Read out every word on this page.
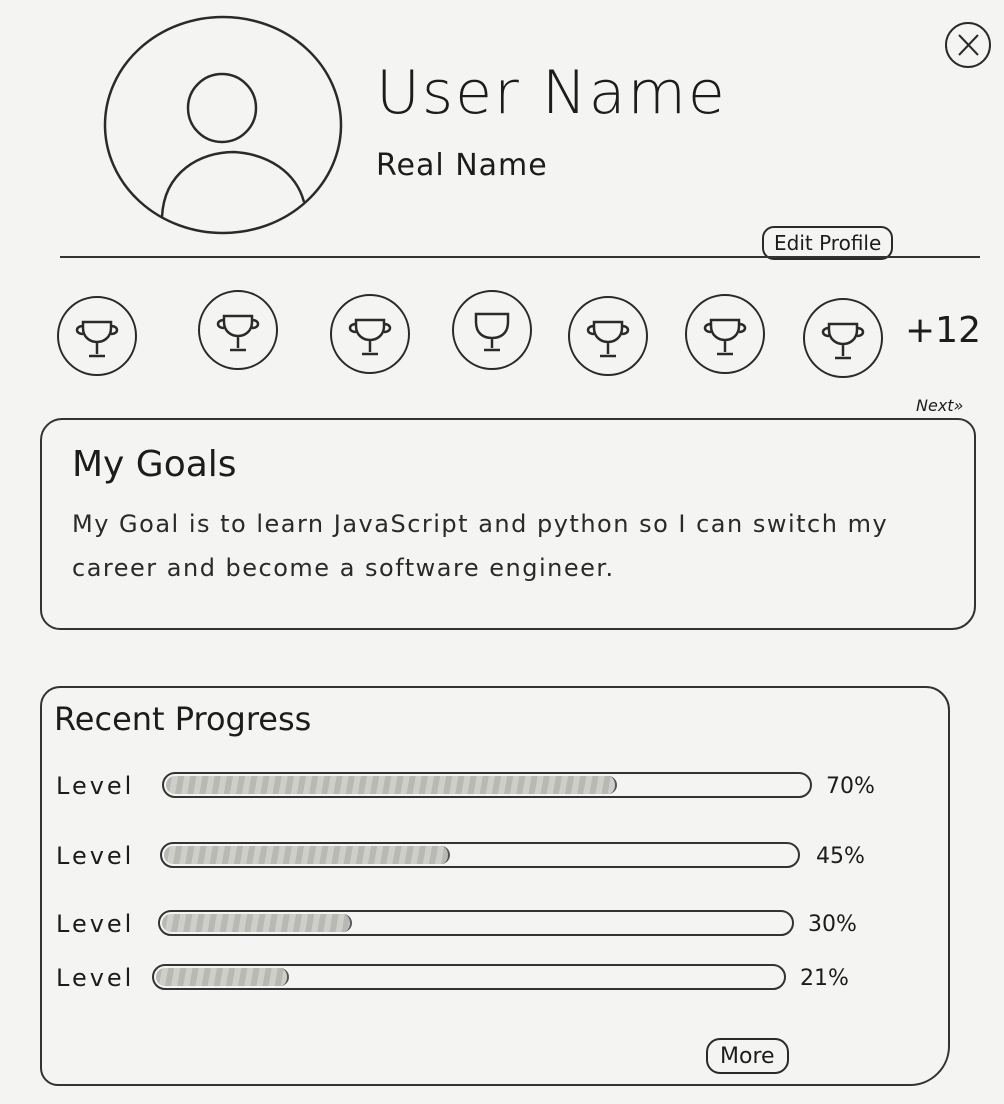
User Name
Real Name
Edit Profile
+12
Next»
My Goals
My Goal is to learn JavaScript and python so I can switch my career and become a software engineer.
Recent Progress
Level	70%
Level	45%
Level	30%
Level	21%
More
